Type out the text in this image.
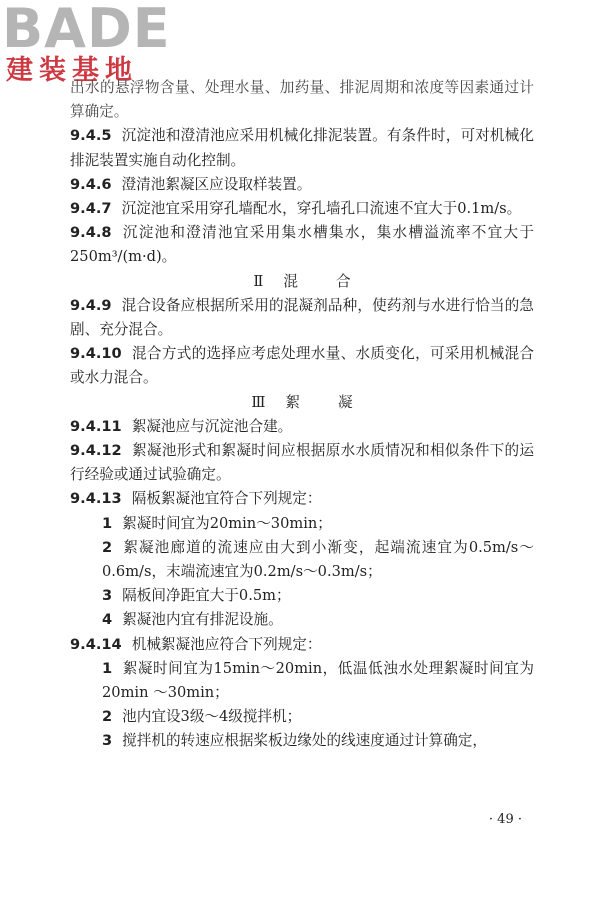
BADE
建装基地
出水的悬浮物含量、处理水量、加药量、排泥周期和浓度等因素通过计算确定。
9.4.5 沉淀池和澄清池应采用机械化排泥装置。有条件时，可对机械化排泥装置实施自动化控制。
9.4.6 澄清池絮凝区应设取样装置。
9.4.7 沉淀池宜采用穿孔墙配水，穿孔墙孔口流速不宜大于0.1m/s。
9.4.8 沉淀池和澄清池宜采用集水槽集水，集水槽溢流率不宜大于250m³/(m·d)。
Ⅱ 混	合
9.4.9 混合设备应根据所采用的混凝剂品种，使药剂与水进行恰当的急剧、充分混合。
9.4.10 混合方式的选择应考虑处理水量、水质变化，可采用机械混合或水力混合。
Ⅲ 絮	凝
9.4.11 絮凝池应与沉淀池合建。
9.4.12 絮凝池形式和絮凝时间应根据原水水质情况和相似条件下的运行经验或通过试验确定。
9.4.13 隔板絮凝池宜符合下列规定：
1 絮凝时间宜为20min～30min；
2 絮凝池廊道的流速应由大到小渐变，起端流速宜为0.5m/s～0.6m/s，末端流速宜为0.2m/s～0.3m/s；
3 隔板间净距宜大于0.5m；
4 絮凝池内宜有排泥设施。
9.4.14 机械絮凝池应符合下列规定：
1 絮凝时间宜为15min～20min，低温低浊水处理絮凝时间宜为20min ～30min；
2 池内宜设3级～4级搅拌机；
3 搅拌机的转速应根据桨板边缘处的线速度通过计算确定，
· 49 ·
